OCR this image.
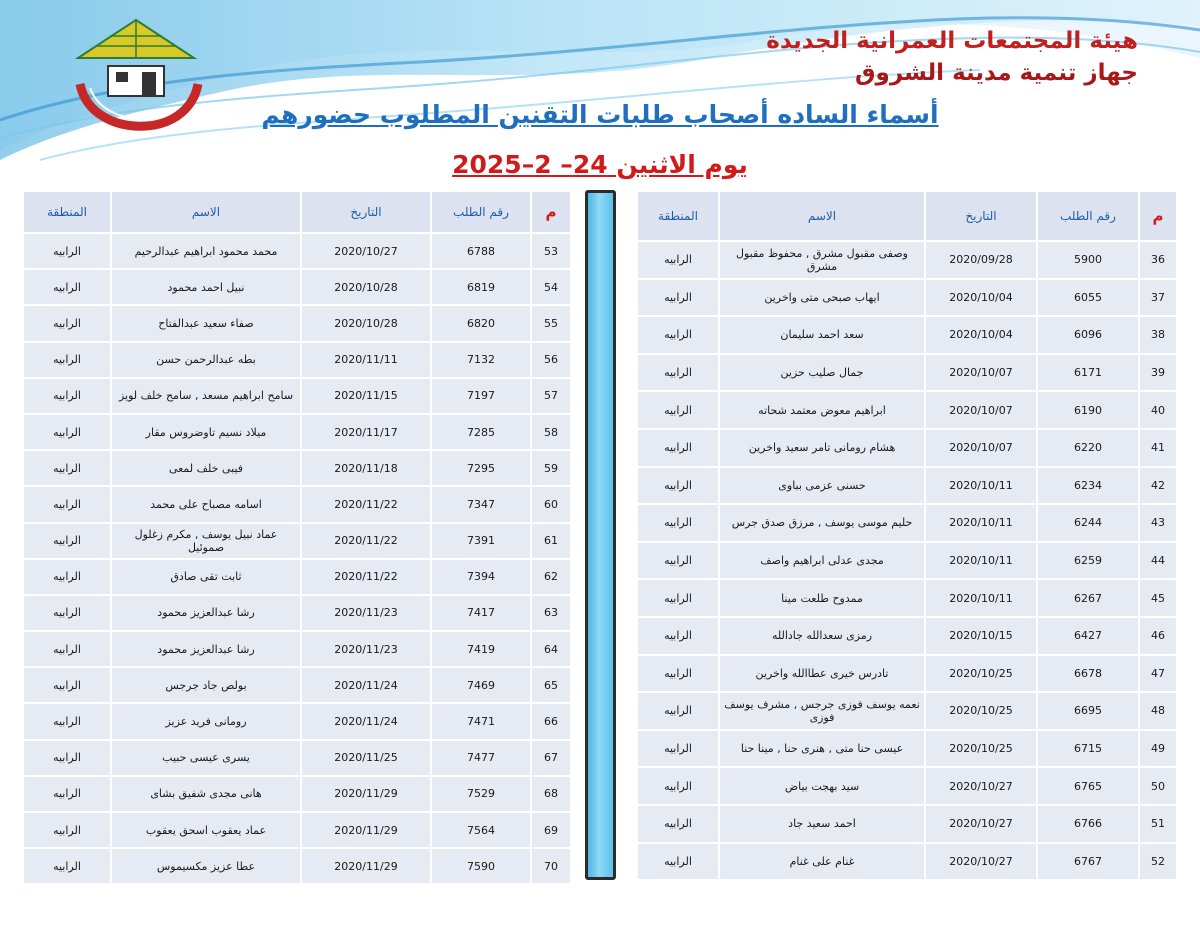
هيئة المجتمعات العمرانية الجديدة
جهاز تنمية مدينة الشروق
أسماء الساده أصحاب طلبات التقنين المطلوب حضورهم
يوم الاثنين 24– 2–2025
م	رقم الطلب	التاريخ	الاسم	المنطقة
36	5900	2020/09/28	وصفى مقبول مشرق , محفوظ مقبول مشرق	الرابيه
37	6055	2020/10/04	ايهاب صبحى متى واخرين	الرابيه
38	6096	2020/10/04	سعد احمد سليمان	الرابيه
39	6171	2020/10/07	جمال صليب حزين	الرابيه
40	6190	2020/10/07	ابراهيم معوض معتمد شحاته	الرابيه
41	6220	2020/10/07	هشام رومانى تامر سعيد واخرين	الرابيه
42	6234	2020/10/11	حسنى عزمى بباوى	الرابيه
43	6244	2020/10/11	حليم موسى يوسف , مرزق صدق جرس	الرابيه
44	6259	2020/10/11	مجدى عدلى ابراهيم واصف	الرابيه
45	6267	2020/10/11	ممدوح طلعت مينا	الرابيه
46	6427	2020/10/15	رمزى سعدالله جادالله	الرابيه
47	6678	2020/10/25	تادرس خيرى عطاالله واخرين	الرابيه
48	6695	2020/10/25	نعمه يوسف فوزى جرجس , مشرف يوسف فوزى	الرابيه
49	6715	2020/10/25	عيسى حنا متى , هنرى حنا , مينا حنا	الرابيه
50	6765	2020/10/27	سيد بهجت بياض	الرابيه
51	6766	2020/10/27	احمد سعيد جاد	الرابيه
52	6767	2020/10/27	غنام على غنام	الرابيه
م	رقم الطلب	التاريخ	الاسم	المنطقة
53	6788	2020/10/27	محمد محمود ابراهيم عبدالرحيم	الرابيه
54	6819	2020/10/28	نبيل احمد محمود	الرابيه
55	6820	2020/10/28	صفاء سعيد عبدالفتاح	الرابيه
56	7132	2020/11/11	بطه عبدالرحمن حسن	الرابيه
57	7197	2020/11/15	سامح ابراهيم مسعد , سامح خلف لويز	الرابيه
58	7285	2020/11/17	ميلاد نسيم تاوضروس مقار	الرابيه
59	7295	2020/11/18	فيبى خلف لمعى	الرابيه
60	7347	2020/11/22	اسامه مصباح على محمد	الرابيه
61	7391	2020/11/22	عماد نبيل يوسف , مكرم زغلول صموئيل	الرابيه
62	7394	2020/11/22	ثابت تقى صادق	الرابيه
63	7417	2020/11/23	رشا عبدالعزيز محمود	الرابيه
64	7419	2020/11/23	رشا عبدالعزيز محمود	الرابيه
65	7469	2020/11/24	بولص جاد جرجس	الرابيه
66	7471	2020/11/24	رومانى فريد عزيز	الرابيه
67	7477	2020/11/25	يسرى عيسى حبيب	الرابيه
68	7529	2020/11/29	هانى مجدى شفيق بشاى	الرابيه
69	7564	2020/11/29	عماد يعقوب اسحق يعقوب	الرابيه
70	7590	2020/11/29	عطا عزيز مكسيموس	الرابيه
